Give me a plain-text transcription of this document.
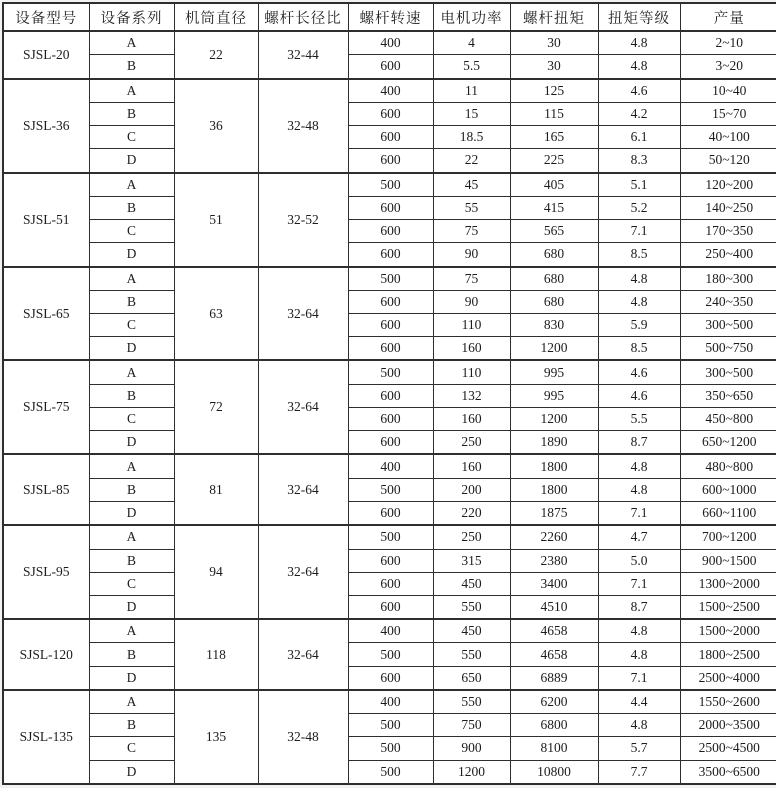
设备型号	设备系列	机筒直径	螺杆长径比	螺杆转速	电机功率	螺杆扭矩	扭矩等级	产量
SJSL-20	A	22	32-44	400	4	30	4.8	2~10
	B			600	5.5	30	4.8	3~20
SJSL-36	A	36	32-48	400	11	125	4.6	10~40
	B			600	15	115	4.2	15~70
	C			600	18.5	165	6.1	40~100
	D			600	22	225	8.3	50~120
SJSL-51	A	51	32-52	500	45	405	5.1	120~200
	B			600	55	415	5.2	140~250
	C			600	75	565	7.1	170~350
	D			600	90	680	8.5	250~400
SJSL-65	A	63	32-64	500	75	680	4.8	180~300
	B			600	90	680	4.8	240~350
	C			600	110	830	5.9	300~500
	D			600	160	1200	8.5	500~750
SJSL-75	A	72	32-64	500	110	995	4.6	300~500
	B			600	132	995	4.6	350~650
	C			600	160	1200	5.5	450~800
	D			600	250	1890	8.7	650~1200
SJSL-85	A	81	32-64	400	160	1800	4.8	480~800
	B			500	200	1800	4.8	600~1000
	D			600	220	1875	7.1	660~1100
SJSL-95	A	94	32-64	500	250	2260	4.7	700~1200
	B			600	315	2380	5.0	900~1500
	C			600	450	3400	7.1	1300~2000
	D			600	550	4510	8.7	1500~2500
SJSL-120	A	118	32-64	400	450	4658	4.8	1500~2000
	B			500	550	4658	4.8	1800~2500
	D			600	650	6889	7.1	2500~4000
SJSL-135	A	135	32-48	400	550	6200	4.4	1550~2600
	B			500	750	6800	4.8	2000~3500
	C			500	900	8100	5.7	2500~4500
	D			500	1200	10800	7.7	3500~6500
